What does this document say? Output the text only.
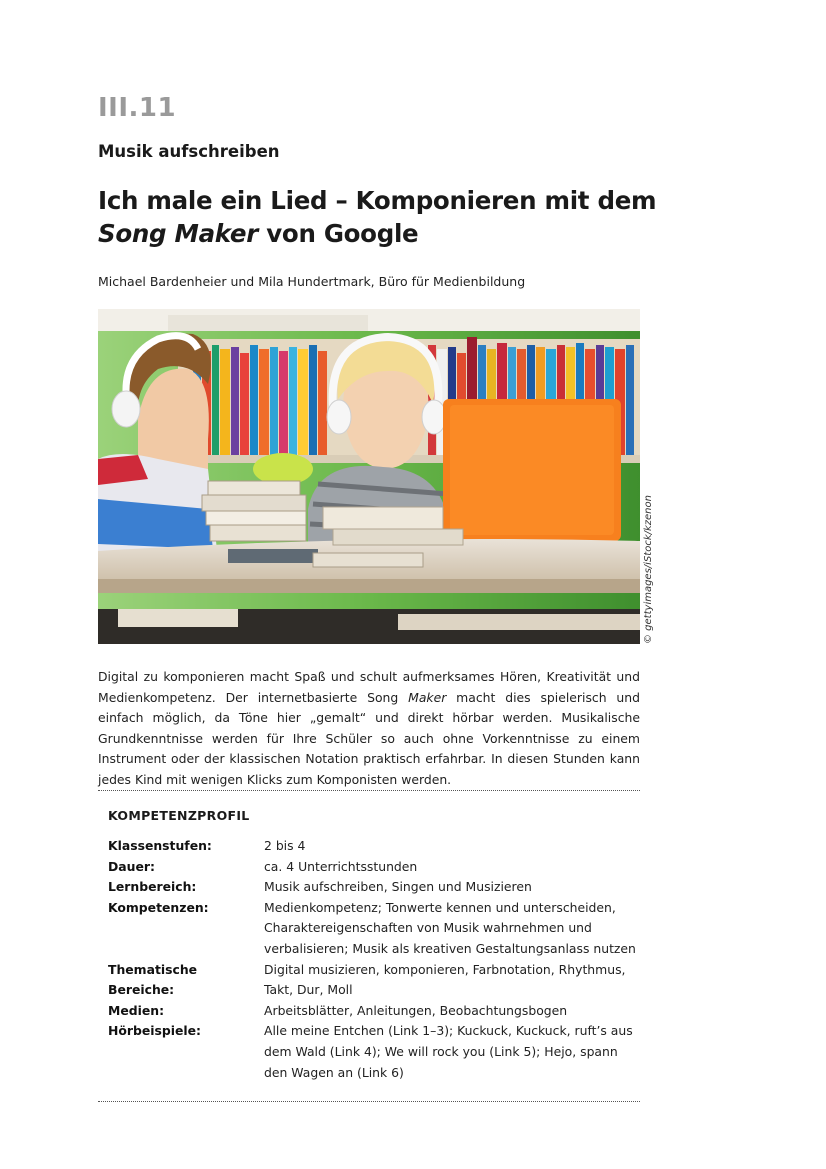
III.11
Musik aufschreiben
Ich male ein Lied – Komponieren mit dem Song Maker von Google
Michael Bardenheier und Mila Hundertmark, Büro für Medienbildung
© gettyimages/iStock/kzenon
Digital zu komponieren macht Spaß und schult aufmerksames Hören, Kreativität und Medienkompetenz. Der internetbasierte Song Maker macht dies spielerisch und einfach möglich, da Töne hier „gemalt“ und direkt hörbar werden. Musikalische Grundkenntnisse werden für Ihre Schüler so auch ohne Vorkenntnisse zu einem Instrument oder der klassischen Notation praktisch erfahrbar. In diesen Stunden kann jedes Kind mit wenigen Klicks zum Komponisten werden.
KOMPETENZPROFIL
Klassenstufen:	2 bis 4
Dauer:	ca. 4 Unterrichtsstunden
Lernbereich:	Musik aufschreiben, Singen und Musizieren
Kompetenzen:	Medienkompetenz; Tonwerte kennen und unterscheiden, Charaktereigenschaften von Musik wahrnehmen und verbalisieren; Musik als kreativen Gestaltungsanlass nutzen
Thematische Bereiche:	Digital musizieren, komponieren, Farbnotation, Rhythmus, Takt, Dur, Moll
Medien:	Arbeitsblätter, Anleitungen, Beobachtungsbogen
Hörbeispiele:	Alle meine Entchen (Link 1–3); Kuckuck, Kuckuck, ruft’s aus dem Wald (Link 4); We will rock you (Link 5); Hejo, spann den Wagen an (Link 6)
